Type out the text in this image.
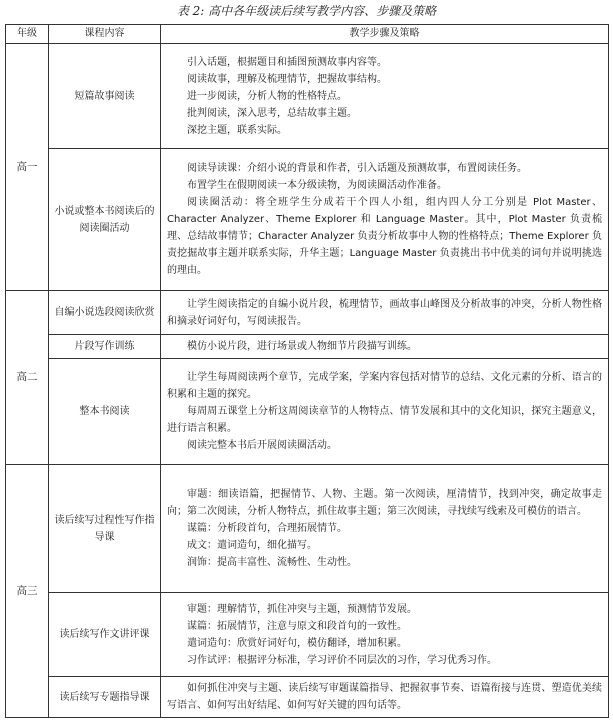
表 2: 高中各年级读后续写教学内容、步骤及策略
年级	课程内容	教学步骤及策略
高一	短篇故事阅读	引入话题，根据题目和插图预测故事内容等。

阅读故事，理解及梳理情节，把握故事结构。

进一步阅读，分析人物的性格特点。

批判阅读，深入思考，总结故事主题。

深挖主题，联系实际。

	小说或整本书阅读后的阅读圈活动	阅读导读课：介绍小说的背景和作者，引入话题及预测故事，布置阅读任务。

布置学生在假期阅读一本分级读物，为阅读圈活动作准备。

阅读圈活动：将全班学生分成若干个四人小组，组内四人分工分别是 Plot Master、Character Analyzer、Theme Explorer 和 Language Master。其中，Plot Master 负责梳理、总结故事情节；Character Analyzer 负责分析故事中人物的性格特点；Theme Explorer 负责挖掘故事主题并联系实际，升华主题；Language Master 负责挑出书中优美的词句并说明挑选的理由。

高二	自编小说选段阅读欣赏	让学生阅读指定的自编小说片段，梳理情节，画故事山峰图及分析故事的冲突，分析人物性格和摘录好词好句，写阅读报告。

	片段写作训练	模仿小说片段，进行场景或人物细节片段描写训练。

	整本书阅读	让学生每周阅读两个章节，完成学案，学案内容包括对情节的总结、文化元素的分析、语言的积累和主题的探究。

每周周五课堂上分析这周阅读章节的人物特点、情节发展和其中的文化知识，探究主题意义，进行语言积累。

阅读完整本书后开展阅读圈活动。

高三	读后续写过程性写作指导课	审题：细读语篇，把握情节、人物、主题。第一次阅读，厘清情节，找到冲突，确定故事走向；第二次阅读，分析人物特点，抓住故事主题；第三次阅读，寻找续写线索及可模仿的语言。

谋篇：分析段首句，合理拓展情节。

成文：遣词造句，细化描写。

润饰：提高丰富性、流畅性、生动性。

	读后续写作文讲评课	审题：理解情节，抓住冲突与主题，预测情节发展。

谋篇：拓展情节，注意与原文和段首句的一致性。

遣词造句：欣赏好词好句，模仿翻译，增加积累。

习作试评：根据评分标准，学习评价不同层次的习作，学习优秀习作。

	读后续写专题指导课	如何抓住冲突与主题、读后续写审题谋篇指导、把握叙事节奏、语篇衔接与连贯、塑造优美续写语言、如何写出好结尾、如何写好关键的四句话等。
